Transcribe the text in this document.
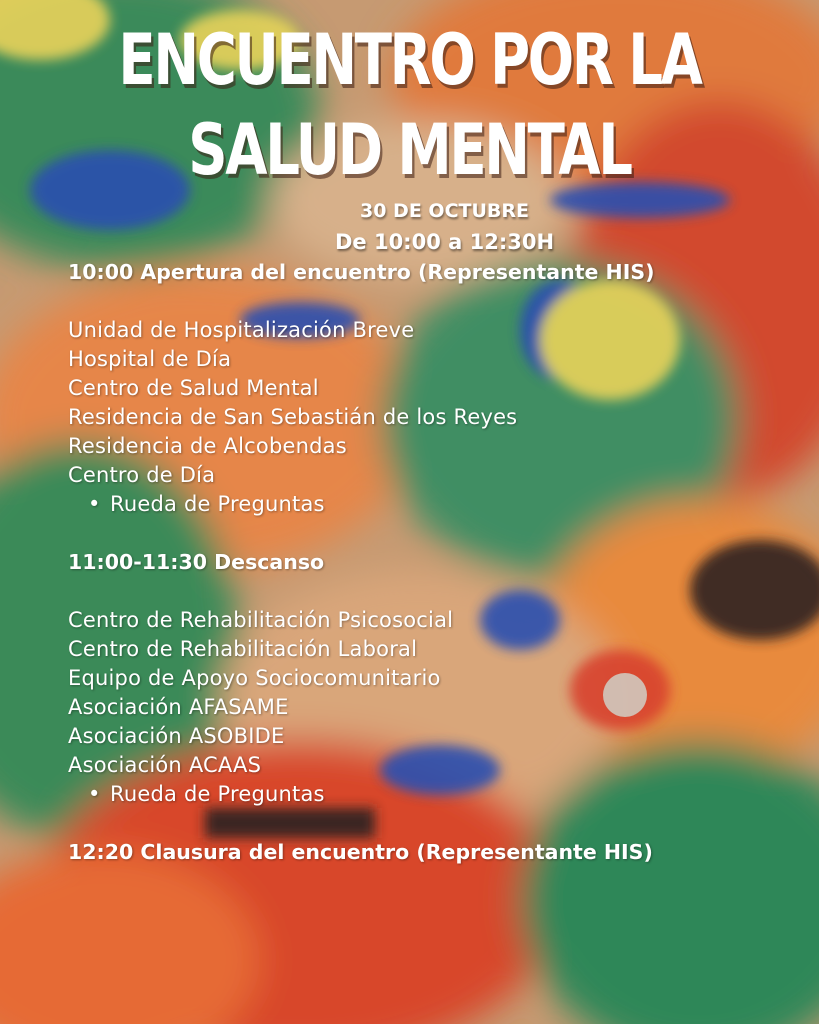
ENCUENTRO POR LA
SALUD MENTAL
30 DE OCTUBRE
De 10:00 a 12:30H
10:00 Apertura del encuentro (Representante HIS)
Unidad de Hospitalización Breve
Hospital de Día
Centro de Salud Mental
Residencia de San Sebastián de los Reyes
Residencia de Alcobendas
Centro de Día
• Rueda de Preguntas
11:00-11:30 Descanso
Centro de Rehabilitación Psicosocial
Centro de Rehabilitación Laboral
Equipo de Apoyo Sociocomunitario
Asociación AFASAME
Asociación ASOBIDE
Asociación ACAAS
• Rueda de Preguntas
12:20 Clausura del encuentro (Representante HIS)
